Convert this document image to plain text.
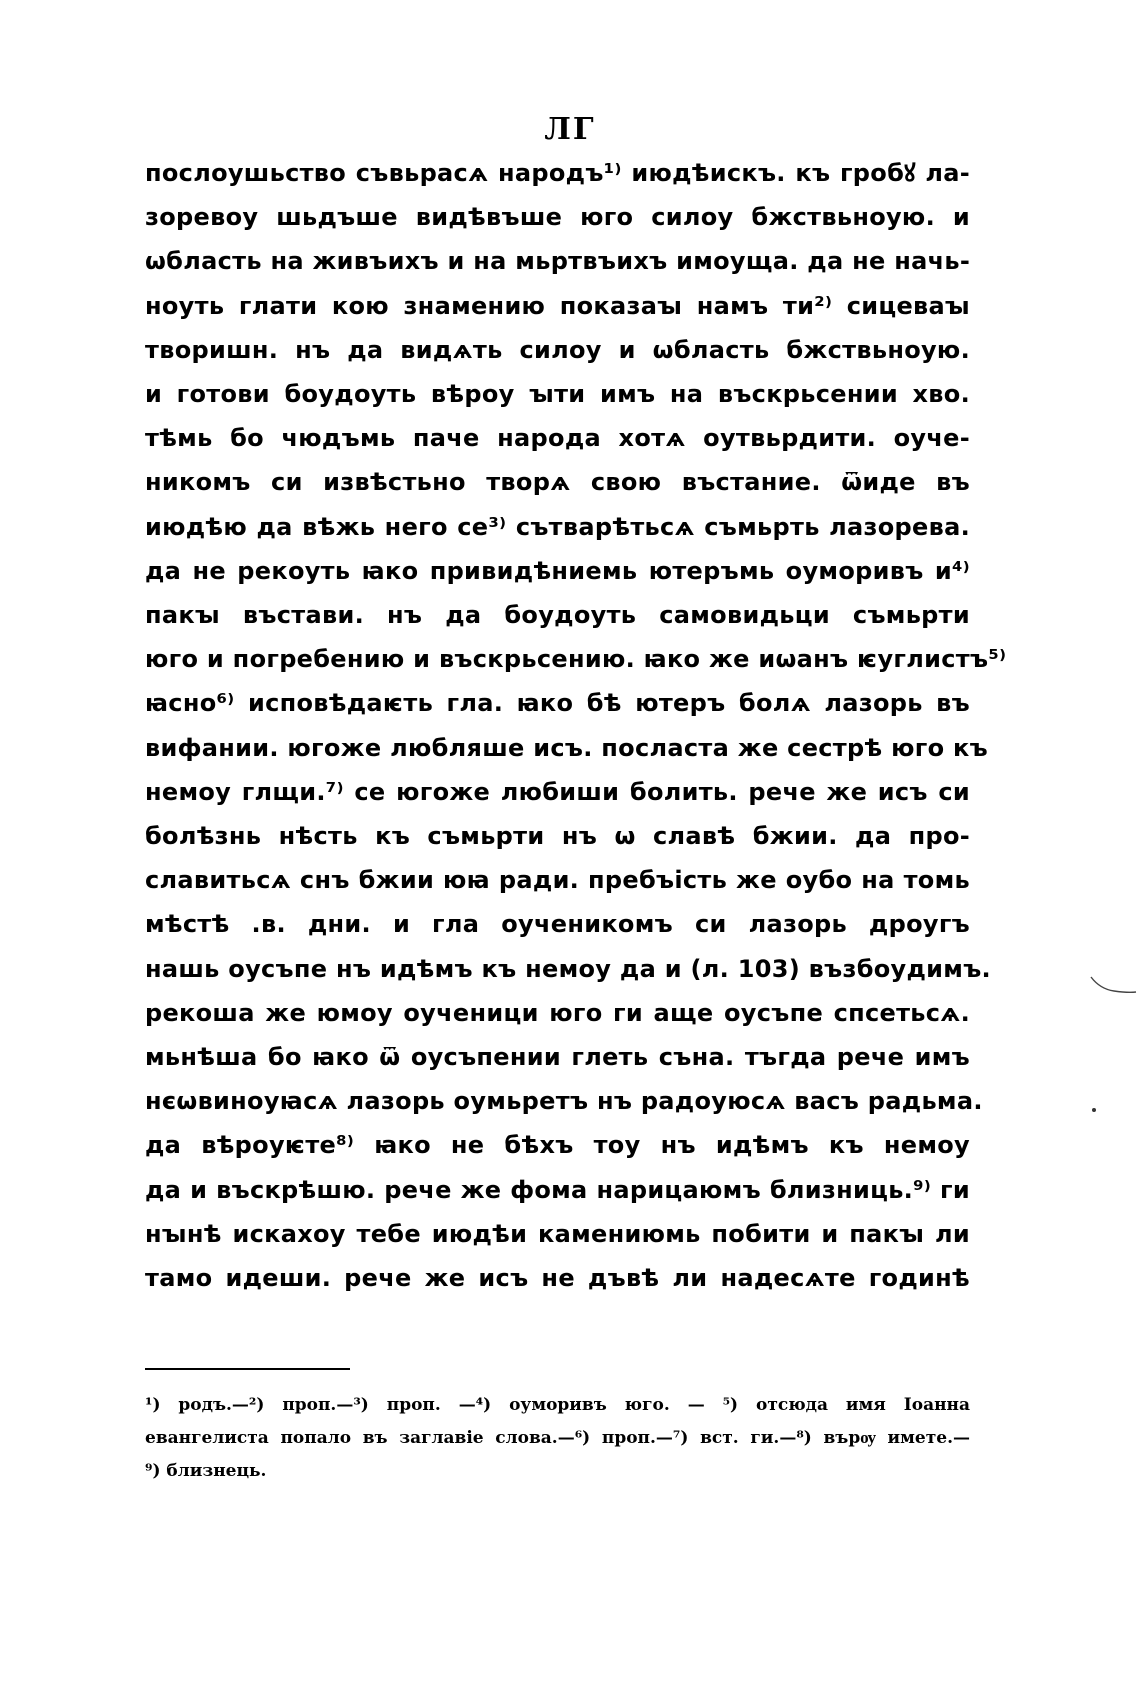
ЛГ
послоушьство съвьрасѧ народъ¹⁾ июдѣискъ. къ гробꙋ ла-
зоревоу шьдъше видѣвъше юго силоу бжствьноую. и
ѡбласть на живъихъ и на мьртвъихъ имоуща. да не начь-
ноуть глати кою знамению показаꙑ намъ ти²⁾ сицеваꙑ
творишн. нъ да видѧть силоу и ѡбласть бжствьноую.
и готови боудоуть вѣроу ꙑти имъ на въскрьсении хво.
тѣмь бо чюдъмь паче народа хотѧ оутвьрдити. оуче-
никомъ си извѣстьно творѧ свою въстание. ѿиде въ
июдѣю да вѣжь него се³⁾ сътварѣтьсѧ съмьрть лазорева.
да не рекоуть ꙗко привидѣниемь ютеръмь оуморивъ и⁴⁾
пакꙑ въстави. нъ да боудоуть самовидьци съмьрти
юго и погребению и въскрьсению. ꙗко же иѡанъ ѥуглистъ⁵⁾
ꙗсно⁶⁾ исповѣдаѥть гла. ꙗко бѣ ютеръ болѧ лазорь въ
вифании. югоже любляше исъ. посласта же сестрѣ юго къ
немоу глщи.⁷⁾ се югоже любиши болить. рече же исъ си
болѣзнь нѣсть къ съмьрти нъ ѡ славѣ бжии. да про-
славитьсѧ снъ бжии юꙗ ради. пребъість же оубо на томь
мѣстѣ .в. дни. и гла оученикомъ си лазорь дроугъ
нашь оусъпе нъ идѣмъ къ немоу да и (л. 103) възбоудимъ.
рекоша же юмоу оученици юго ги аще оусъпе спсетьсѧ.
мьнѣша бо ꙗко ѿ оусъпении глеть съна. тъгда рече имъ
нєѡвиноуꙗсѧ лазорь оумьретъ нъ радоуюсѧ васъ радьма.
да вѣроуѥте⁸⁾ ꙗко не бѣхъ тоу нъ идѣмъ къ немоу
да и въскрѣшю. рече же фома нарицаюмъ близниць.⁹⁾ ги
нꙑнѣ искахоу тебе июдѣи камениюмь побити и пакꙑ ли
тамо идеши. рече же исъ не дъвѣ ли надесѧте годинѣ
¹) родъ.—²) проп.—³) проп. —⁴) оуморивъ юго. — ⁵) отсюда имя Іоанна
евангелиста попало въ заглавіе слова.—⁶) проп.—⁷) вст. ги.—⁸) върѹ имете.—
⁹) близнець.
